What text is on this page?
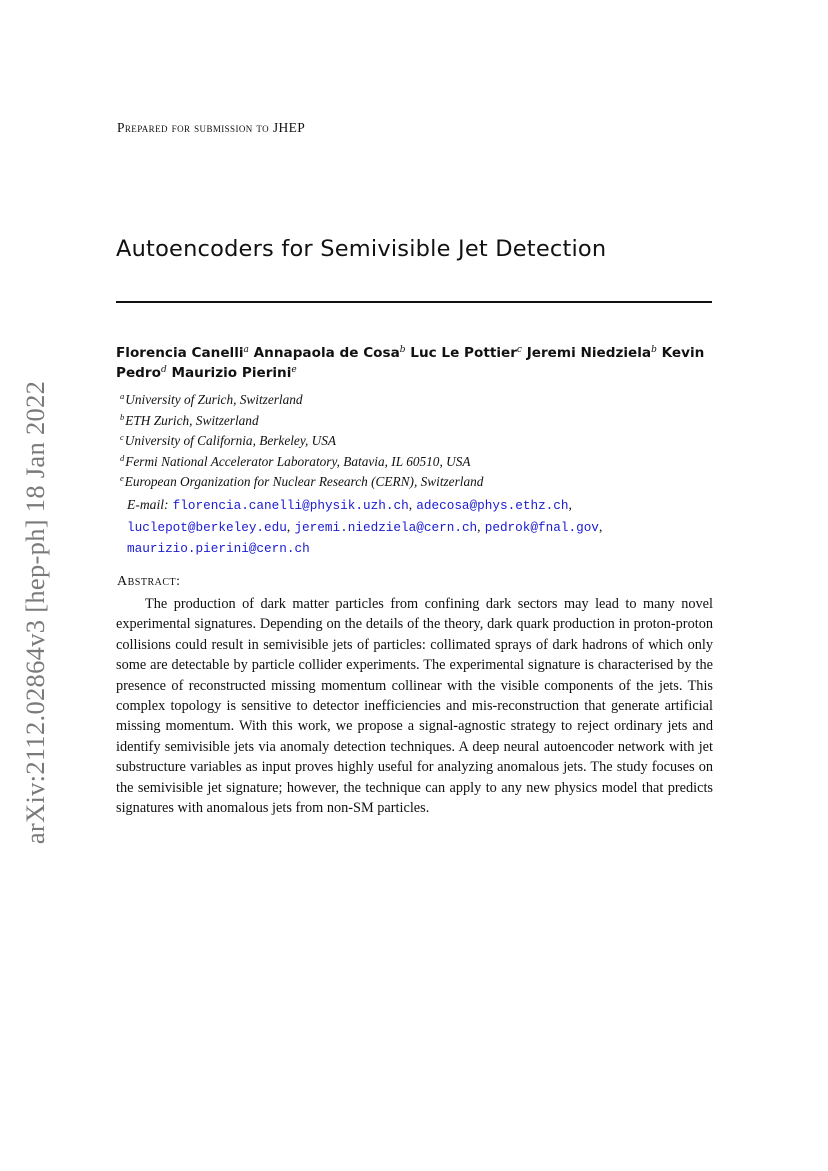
arXiv:2112.02864v3 [hep-ph] 18 Jan 2022
Prepared for submission to JHEP
Autoencoders for Semivisible Jet Detection
Florencia Canelli$^a$ Annapaola de Cosa$^b$ Luc Le Pottier$^c$ Jeremi Niedziela$^b$ Kevin Pedro$^d$ Maurizio Pierini$^e$
$^a$University of Zurich, Switzerland
$^b$ETH Zurich, Switzerland
$^c$University of California, Berkeley, USA
$^d$Fermi National Accelerator Laboratory, Batavia, IL 60510, USA
$^e$European Organization for Nuclear Research (CERN), Switzerland
E-mail: florencia.canelli@physik.uzh.ch, adecosa@phys.ethz.ch,
luclepot@berkeley.edu, jeremi.niedziela@cern.ch, pedrok@fnal.gov,
maurizio.pierini@cern.ch
Abstract:

The production of dark matter particles from confining dark sectors may lead to many novel experimental signatures. Depending on the details of the theory, dark quark production in proton-proton collisions could result in semivisible jets of particles: collimated sprays of dark hadrons of which only some are detectable by particle collider experiments. The experimental signature is characterised by the presence of reconstructed missing momentum collinear with the visible components of the jets. This complex topology is sensitive to detector inefficiencies and mis-reconstruction that generate artificial missing momentum. With this work, we propose a signal-agnostic strategy to reject ordinary jets and identify semivisible jets via anomaly detection techniques. A deep neural autoencoder network with jet substructure variables as input proves highly useful for analyzing anomalous jets. The study focuses on the semivisible jet signature; however, the technique can apply to any new physics model that predicts signatures with anomalous jets from non-SM particles.
